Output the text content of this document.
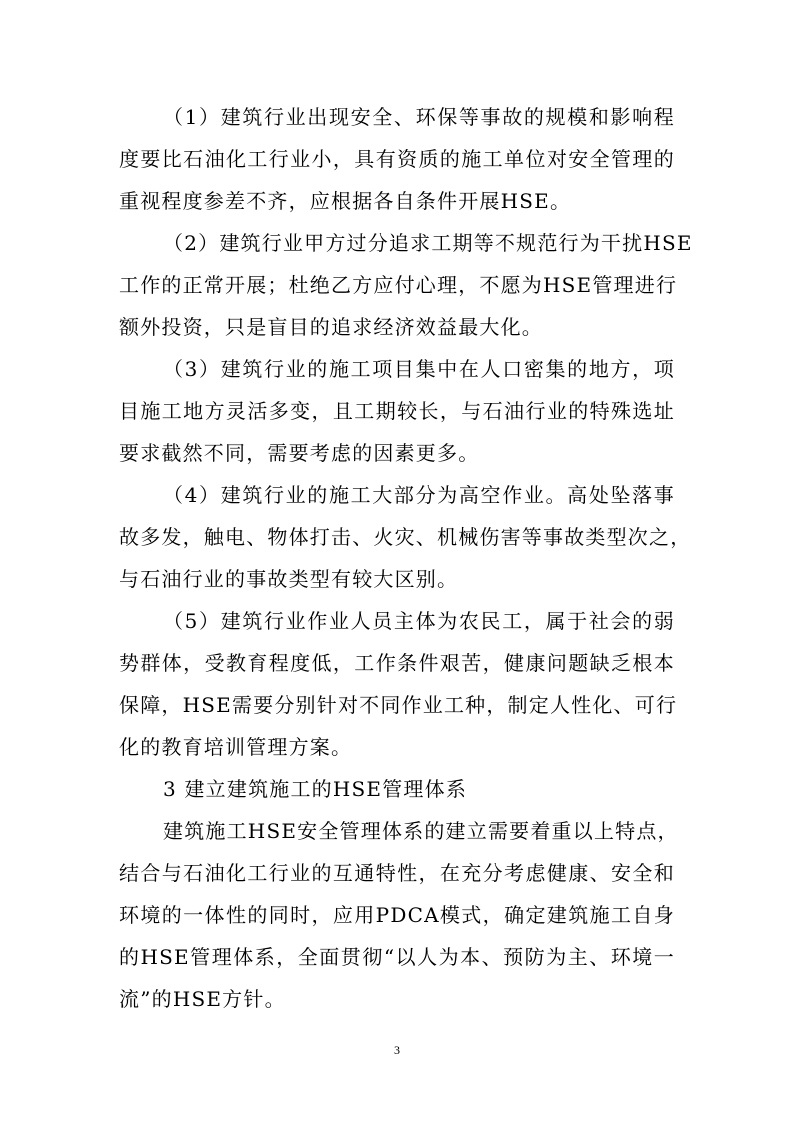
（1）建筑行业出现安全、环保等事故的规模和影响程
度要比石油化工行业小，具有资质的施工单位对安全管理的
重视程度参差不齐，应根据各自条件开展HSE。
（2）建筑行业甲方过分追求工期等不规范行为干扰HSE
工作的正常开展；杜绝乙方应付心理，不愿为HSE管理进行
额外投资，只是盲目的追求经济效益最大化。
（3）建筑行业的施工项目集中在人口密集的地方，项
目施工地方灵活多变，且工期较长，与石油行业的特殊选址
要求截然不同，需要考虑的因素更多。
（4）建筑行业的施工大部分为高空作业。高处坠落事
故多发，触电、物体打击、火灾、机械伤害等事故类型次之，
与石油行业的事故类型有较大区别。
（5）建筑行业作业人员主体为农民工，属于社会的弱
势群体，受教育程度低，工作条件艰苦，健康问题缺乏根本
保障，HSE需要分别针对不同作业工种，制定人性化、可行
化的教育培训管理方案。
3 建立建筑施工的HSE管理体系
建筑施工HSE安全管理体系的建立需要着重以上特点，
结合与石油化工行业的互通特性，在充分考虑健康、安全和
环境的一体性的同时，应用PDCA模式，确定建筑施工自身
的HSE管理体系，全面贯彻“以人为本、预防为主、环境一
流”的HSE方针。
3
